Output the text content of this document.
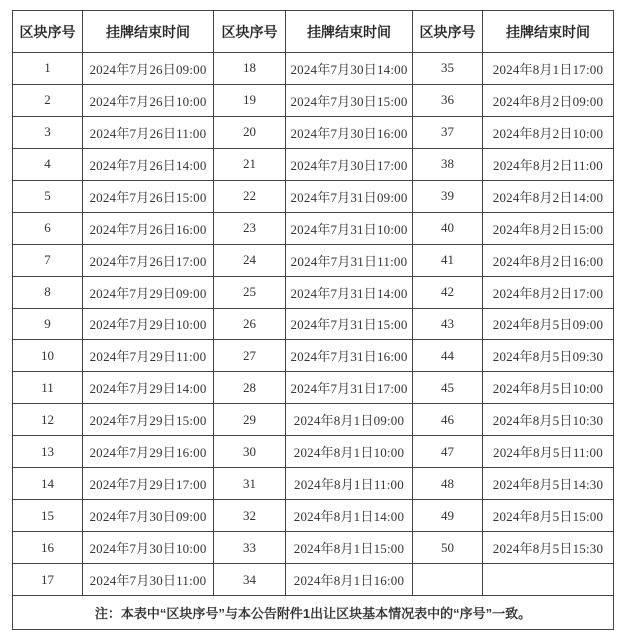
区块序号	挂牌结束时间	区块序号	挂牌结束时间	区块序号	挂牌结束时间
1	2024年7月26日09:00	18	2024年7月30日14:00	35	2024年8月1日17:00
2	2024年7月26日10:00	19	2024年7月30日15:00	36	2024年8月2日09:00
3	2024年7月26日11:00	20	2024年7月30日16:00	37	2024年8月2日10:00
4	2024年7月26日14:00	21	2024年7月30日17:00	38	2024年8月2日11:00
5	2024年7月26日15:00	22	2024年7月31日09:00	39	2024年8月2日14:00
6	2024年7月26日16:00	23	2024年7月31日10:00	40	2024年8月2日15:00
7	2024年7月26日17:00	24	2024年7月31日11:00	41	2024年8月2日16:00
8	2024年7月29日09:00	25	2024年7月31日14:00	42	2024年8月2日17:00
9	2024年7月29日10:00	26	2024年7月31日15:00	43	2024年8月5日09:00
10	2024年7月29日11:00	27	2024年7月31日16:00	44	2024年8月5日09:30
11	2024年7月29日14:00	28	2024年7月31日17:00	45	2024年8月5日10:00
12	2024年7月29日15:00	29	2024年8月1日09:00	46	2024年8月5日10:30
13	2024年7月29日16:00	30	2024年8月1日10:00	47	2024年8月5日11:00
14	2024年7月29日17:00	31	2024年8月1日11:00	48	2024年8月5日14:30
15	2024年7月30日09:00	32	2024年8月1日14:00	49	2024年8月5日15:00
16	2024年7月30日10:00	33	2024年8月1日15:00	50	2024年8月5日15:30
17	2024年7月30日11:00	34	2024年8月1日16:00		
注：本表中“区块序号”与本公告附件1出让区块基本情况表中的“序号”一致。					
